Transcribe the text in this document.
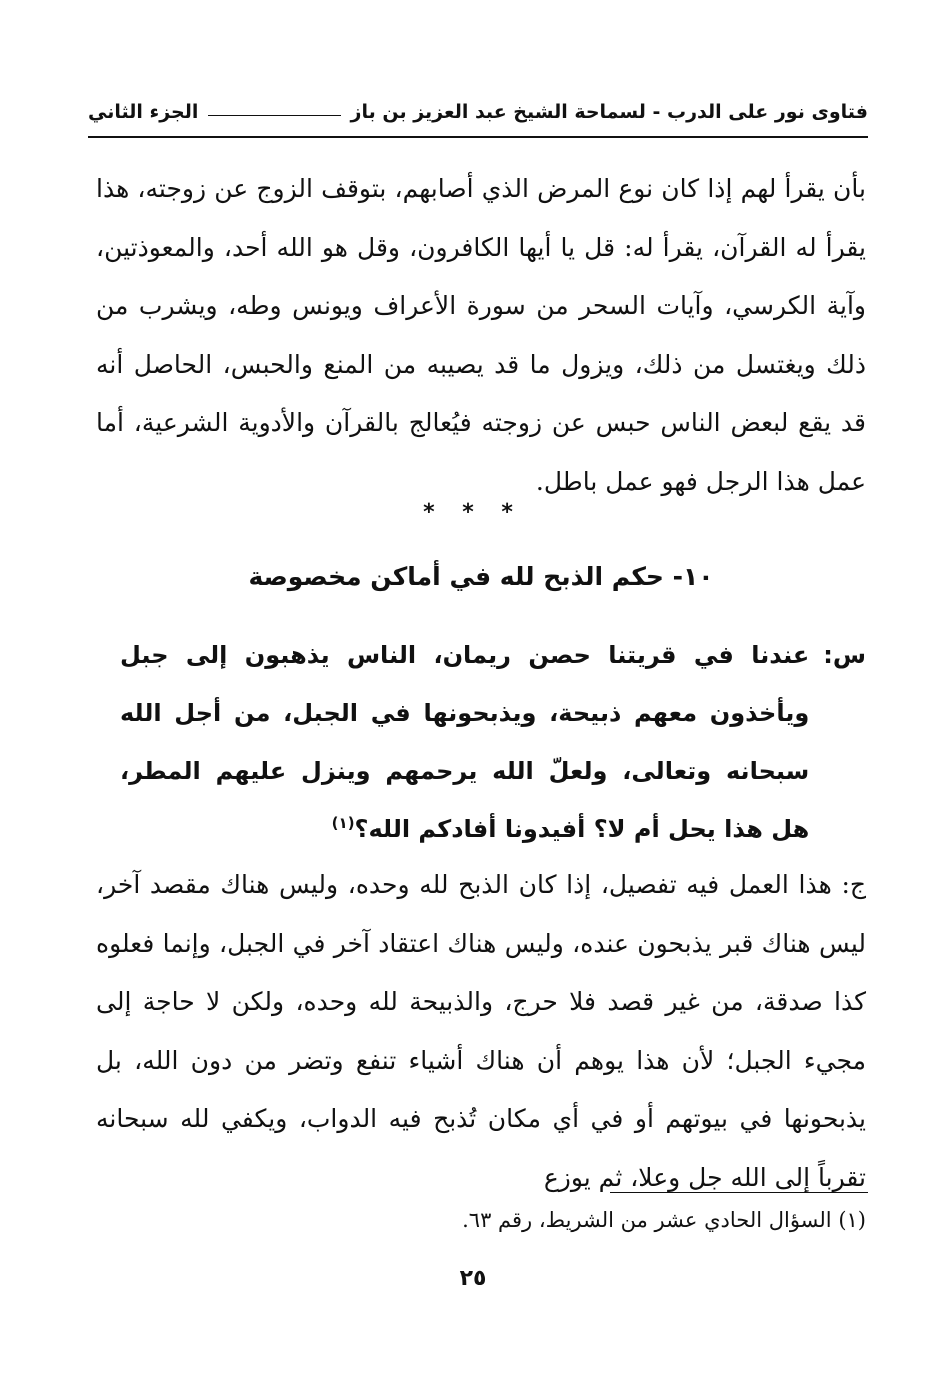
فتاوى نور على الدرب - لسماحة الشيخ عبد العزيز بن باز
الجزء الثاني

بأن يقرأ لهم إذا كان نوع المرض الذي أصابهم، بتوقف الزوج عن زوجته، هذا يقرأ له القرآن، يقرأ له: قل يا أيها الكافرون، وقل هو الله أحد، والمعوذتين، وآية الكرسي، وآيات السحر من سورة الأعراف ويونس وطه، ويشرب من ذلك ويغتسل من ذلك، ويزول ما قد يصيبه من المنع والحبس، الحاصل أنه قد يقع لبعض الناس حبس عن زوجته فيُعالج بالقرآن والأدوية الشرعية، أما عمل هذا الرجل فهو عمل باطل.

* * *
١٠- حكم الذبح لله في أماكن مخصوصة
س:
عندنا في قريتنا حصن ريمان، الناس يذهبون إلى جبل ويأخذون معهم ذبيحة، ويذبحونها في الجبل، من أجل الله سبحانه وتعالى، ولعلّ الله يرحمهم وينزل عليهم المطر، هل هذا يحل أم لا؟ أفيدونا أفادكم الله؟$^{(١)}$

ج: هذا العمل فيه تفصيل، إذا كان الذبح لله وحده، وليس هناك مقصد آخر، ليس هناك قبر يذبحون عنده، وليس هناك اعتقاد آخر في الجبل، وإنما فعلوه كذا صدقة، من غير قصد فلا حرج، والذبيحة لله وحده، ولكن لا حاجة إلى مجيء الجبل؛ لأن هذا يوهم أن هناك أشياء تنفع وتضر من دون الله، بل يذبحونها في بيوتهم أو في أي مكان تُذبح فيه الدواب، ويكفي لله سبحانه تقرباً إلى الله جل وعلا، ثم يوزع

(١) السؤال الحادي عشر من الشريط، رقم ٦٣.
٢٥
